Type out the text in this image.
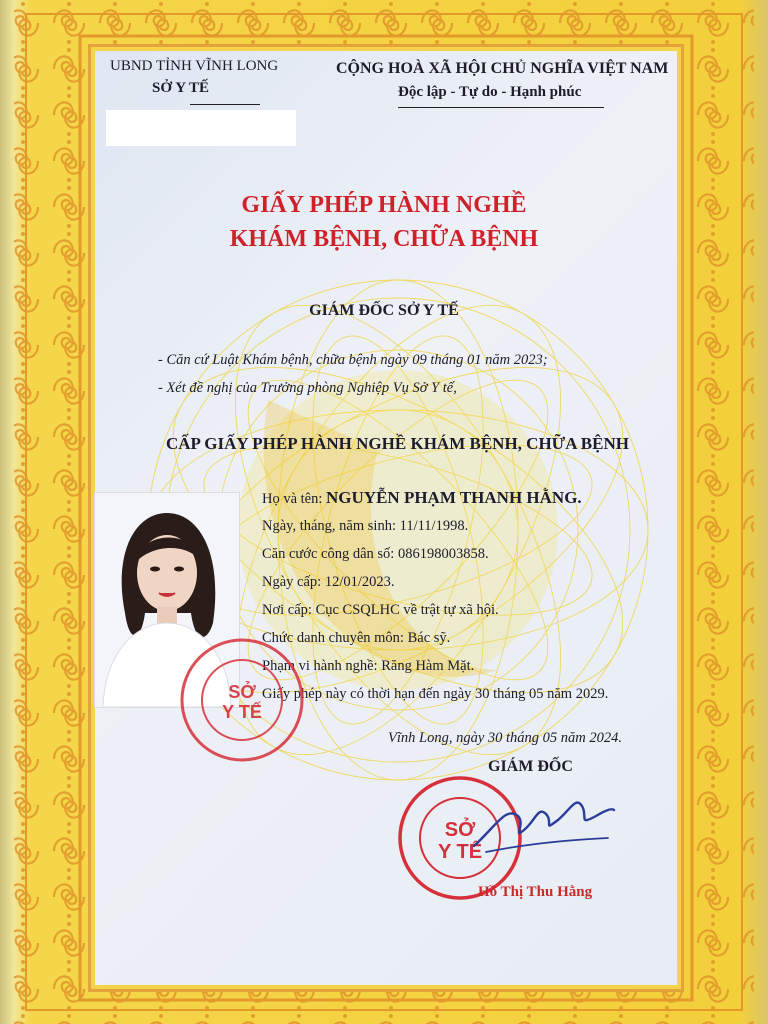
UBND TỈNH VĨNH LONG
SỞ Y TẾ
CỘNG HOÀ XÃ HỘI CHỦ NGHĨA VIỆT NAM
Độc lập - Tự do - Hạnh phúc
GIẤY PHÉP HÀNH NGHỀ
KHÁM BỆNH, CHỮA BỆNH
GIÁM ĐỐC SỞ Y TẾ
- Căn cứ Luật Khám bệnh, chữa bệnh ngày 09 tháng 01 năm 2023;
- Xét đề nghị của Trưởng phòng Nghiệp Vụ Sở Y tế,
CẤP GIẤY PHÉP HÀNH NGHỀ KHÁM BỆNH, CHỮA BỆNH
Họ và tên: NGUYỄN PHẠM THANH HẰNG.
Ngày, tháng, năm sinh: 11/11/1998.
Căn cước công dân số: 086198003858.
Ngày cấp: 12/01/2023.
Nơi cấp: Cục CSQLHC về trật tự xã hội.
Chức danh chuyên môn: Bác sỹ.
Phạm vi hành nghề: Răng Hàm Mặt.
Giấy phép này có thời hạn đến ngày 30 tháng 05 năm 2029.
SỞ
Y TẾ
Vĩnh Long, ngày 30 tháng 05 năm 2024.
GIÁM ĐỐC
SỞ
Y TẾ
Hồ Thị Thu Hằng
